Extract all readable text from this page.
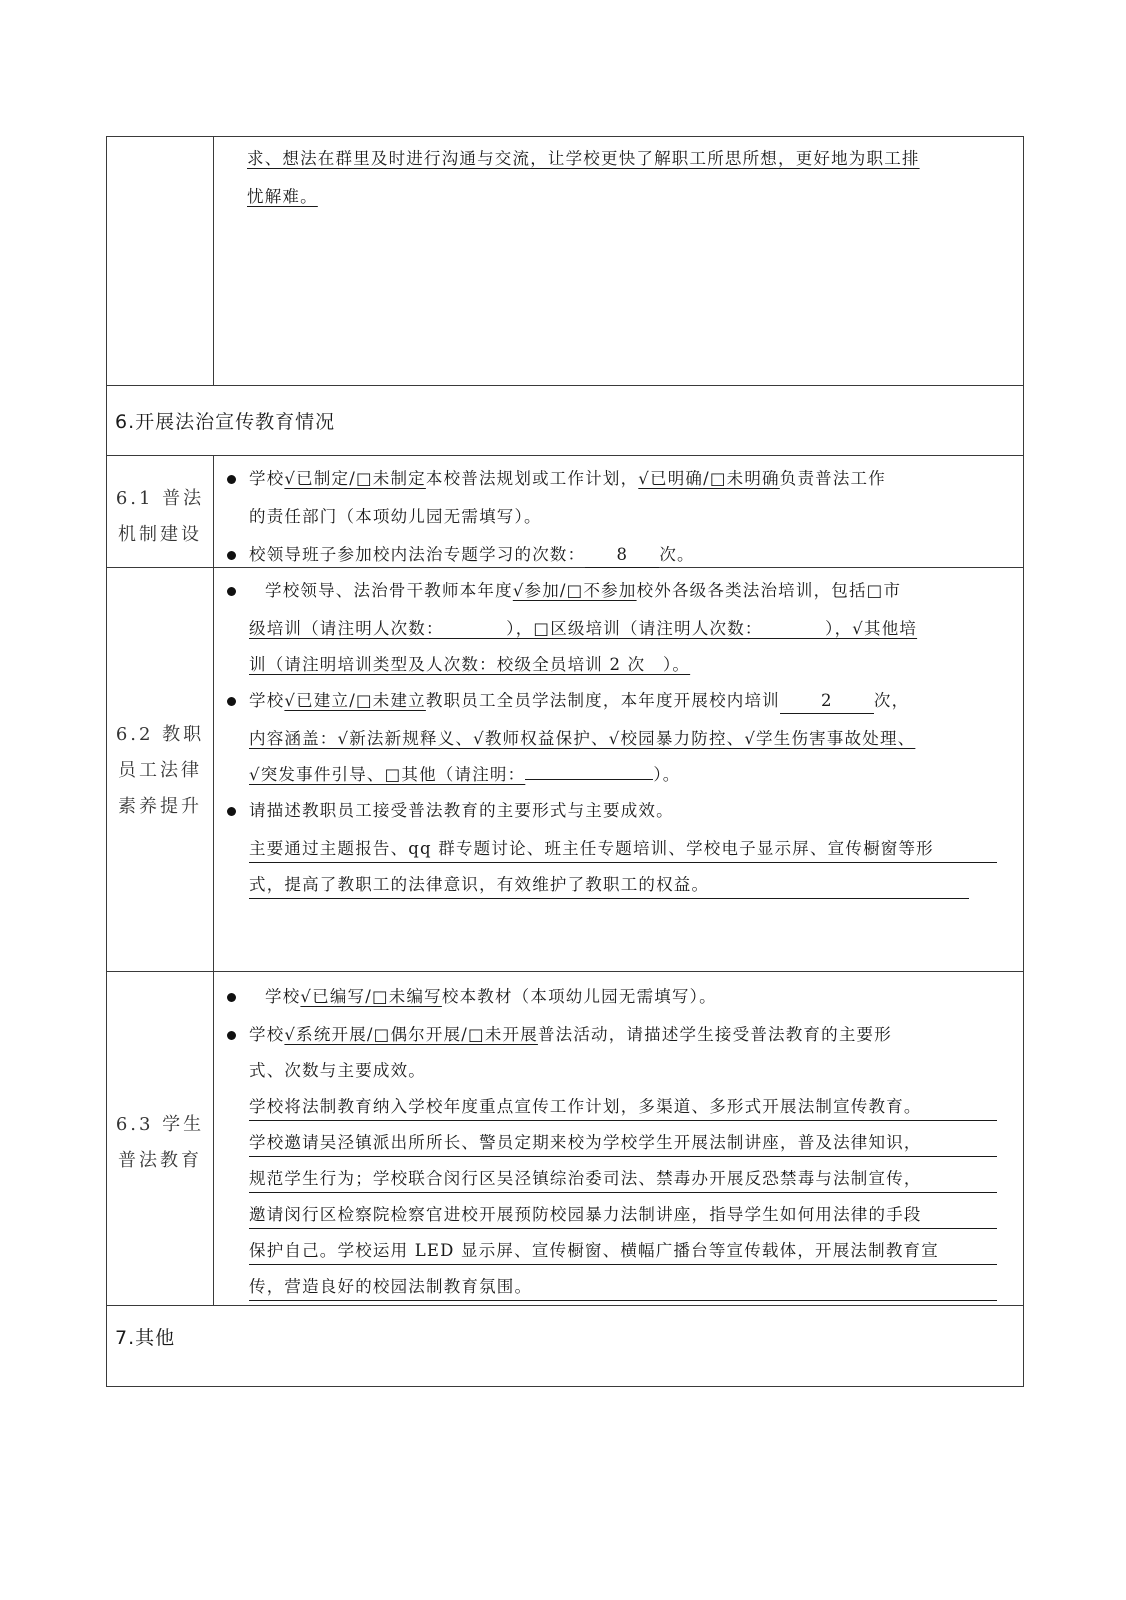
求、想法在群里及时进行沟通与交流，让学校更快了解职工所思所想，更好地为职工排
忧解难。
6.开展法治宣传教育情况
6.1 普法
机制建设
学校√已制定/□未制定本校普法规划或工作计划，√已明确/□未明确负责普法工作
的责任部门（本项幼儿园无需填写）。
校领导班子参加校内法治专题学习的次数： 8 次。
6.2 教职
员工法律
素养提升
学校领导、法治骨干教师本年度√参加/□不参加校外各级各类法治培训，包括□市
级培训（请注明人次数：　　　　），□区级培训（请注明人次数：　　　　），√其他培
训（请注明培训类型及人次数：校级全员培训 2 次　）。
学校√已建立/□未建立教职员工全员学法制度，本年度开展校内培训 2 次，
内容涵盖：√新法新规释义、√教师权益保护、√校园暴力防控、√学生伤害事故处理、
√突发事件引导、□其他（请注明：	）。
请描述教职员工接受普法教育的主要形式与主要成效。
主要通过主题报告、qq 群专题讨论、班主任专题培训、学校电子显示屏、宣传橱窗等形
式，提高了教职工的法律意识，有效维护了教职工的权益。
6.3 学生
普法教育
学校√已编写/□未编写校本教材（本项幼儿园无需填写）。
学校√系统开展/□偶尔开展/□未开展普法活动，请描述学生接受普法教育的主要形
式、次数与主要成效。
学校将法制教育纳入学校年度重点宣传工作计划，多渠道、多形式开展法制宣传教育。
学校邀请吴泾镇派出所所长、警员定期来校为学校学生开展法制讲座，普及法律知识，
规范学生行为；学校联合闵行区吴泾镇综治委司法、禁毒办开展反恐禁毒与法制宣传，
邀请闵行区检察院检察官进校开展预防校园暴力法制讲座，指导学生如何用法律的手段
保护自己。学校运用 LED 显示屏、宣传橱窗、横幅广播台等宣传载体，开展法制教育宣
传，营造良好的校园法制教育氛围。
7.其他
